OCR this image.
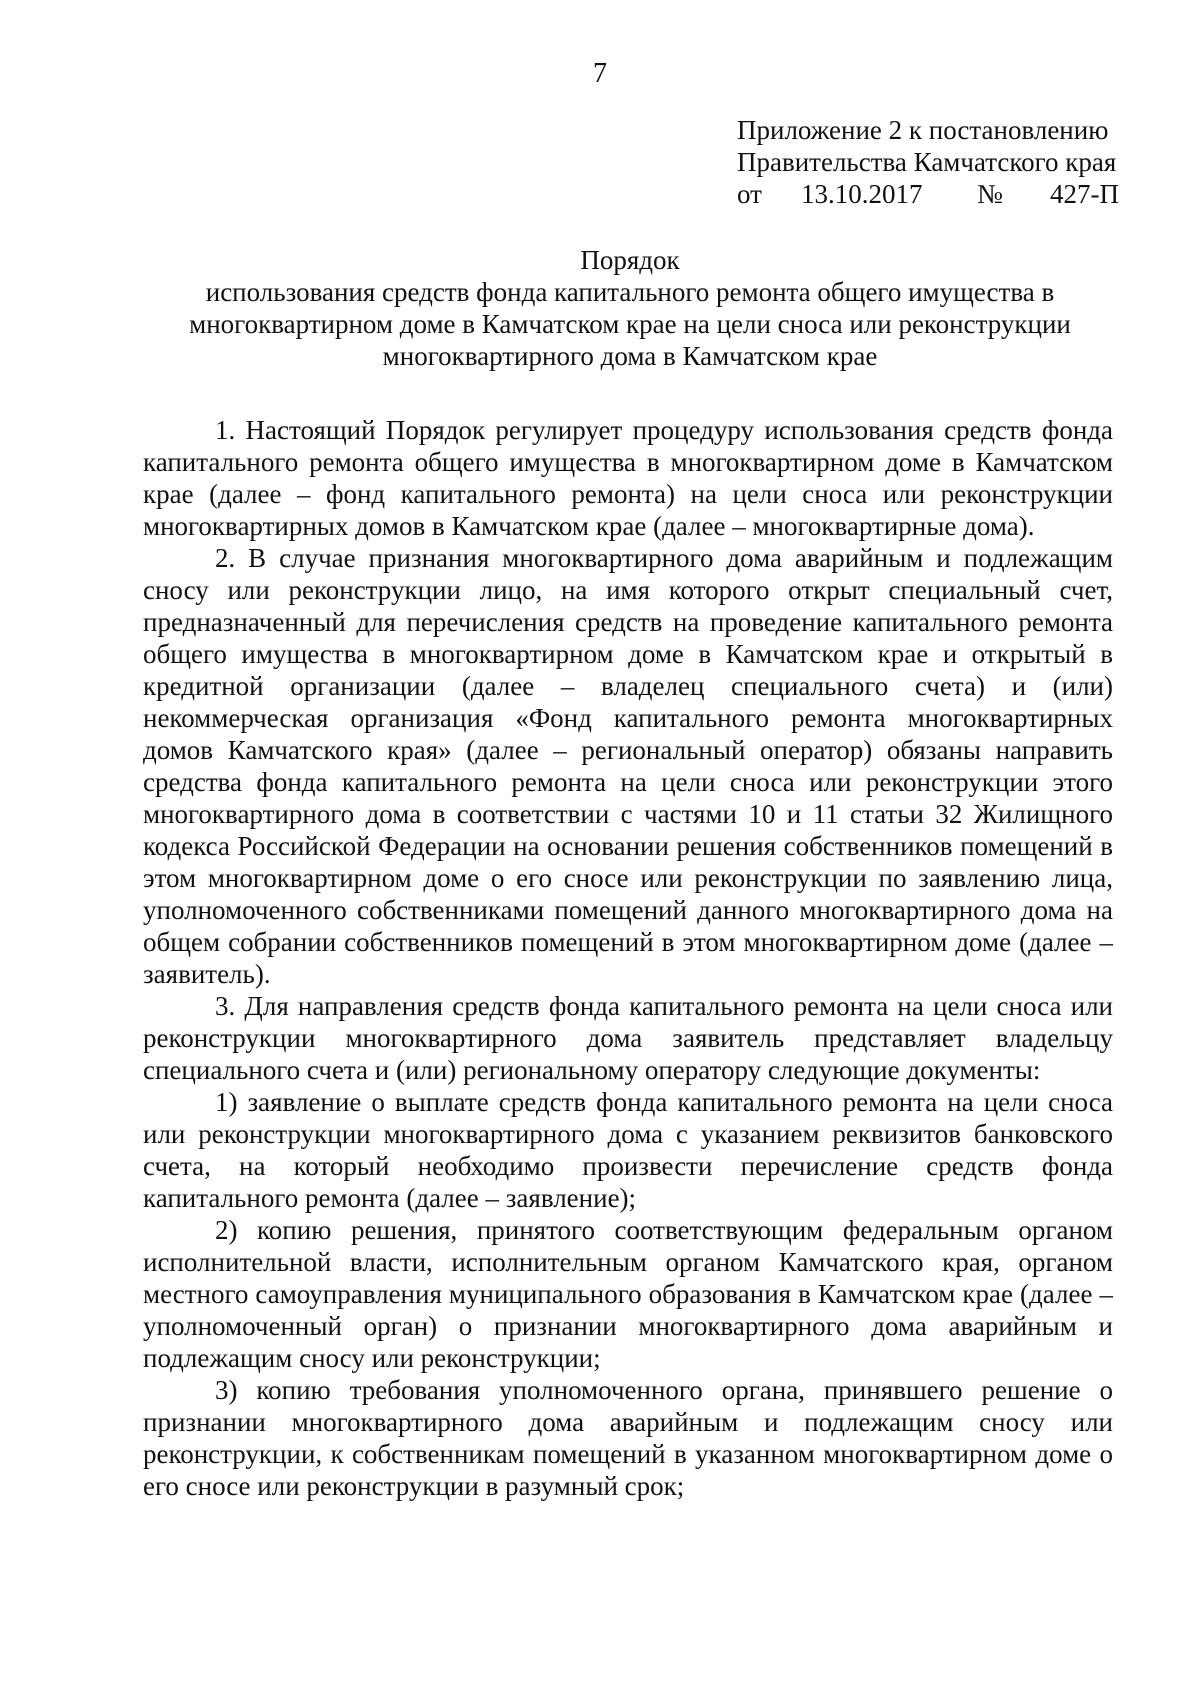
7
Приложение 2 к постановлению
Правительства Камчатского края
от	13.10.2017	№	427-П
Порядок
использования средств фонда капитального ремонта общего имущества в многоквартирном доме в Камчатском крае на цели сноса или реконструкции многоквартирного дома в Камчатском крае

1. Настоящий Порядок регулирует процедуру использования средств фонда капитального ремонта общего имущества в многоквартирном доме в Камчатском крае (далее – фонд капитального ремонта) на цели сноса или реконструкции многоквартирных домов в Камчатском крае (далее – многоквартирные дома).

2. В случае признания многоквартирного дома аварийным и подлежащим сносу или реконструкции лицо, на имя которого открыт специальный счет, предназначенный для перечисления средств на проведение капитального ремонта общего имущества в многоквартирном доме в Камчатском крае и открытый в кредитной организации (далее – владелец специального счета) и (или) некоммерческая организация «Фонд капитального ремонта многоквартирных домов Камчатского края» (далее – региональный оператор) обязаны направить средства фонда капитального ремонта на цели сноса или реконструкции этого многоквартирного дома в соответствии с частями 10 и 11 статьи 32 Жилищного кодекса Российской Федерации на основании решения собственников помещений в этом многоквартирном доме о его сносе или реконструкции по заявлению лица, уполномоченного собственниками помещений данного многоквартирного дома на общем собрании собственников помещений в этом многоквартирном доме (далее – заявитель).

3. Для направления средств фонда капитального ремонта на цели сноса или реконструкции многоквартирного дома заявитель представляет владельцу специального счета и (или) региональному оператору следующие документы:

1) заявление о выплате средств фонда капитального ремонта на цели сноса или реконструкции многоквартирного дома с указанием реквизитов банковского счета, на который необходимо произвести перечисление средств фонда капитального ремонта (далее – заявление);

2) копию решения, принятого соответствующим федеральным органом исполнительной власти, исполнительным органом Камчатского края, органом местного самоуправления муниципального образования в Камчатском крае (далее – уполномоченный орган) о признании многоквартирного дома аварийным и подлежащим сносу или реконструкции;

3) копию требования уполномоченного органа, принявшего решение о признании многоквартирного дома аварийным и подлежащим сносу или реконструкции, к собственникам помещений в указанном многоквартирном доме о его сносе или реконструкции в разумный срок;
